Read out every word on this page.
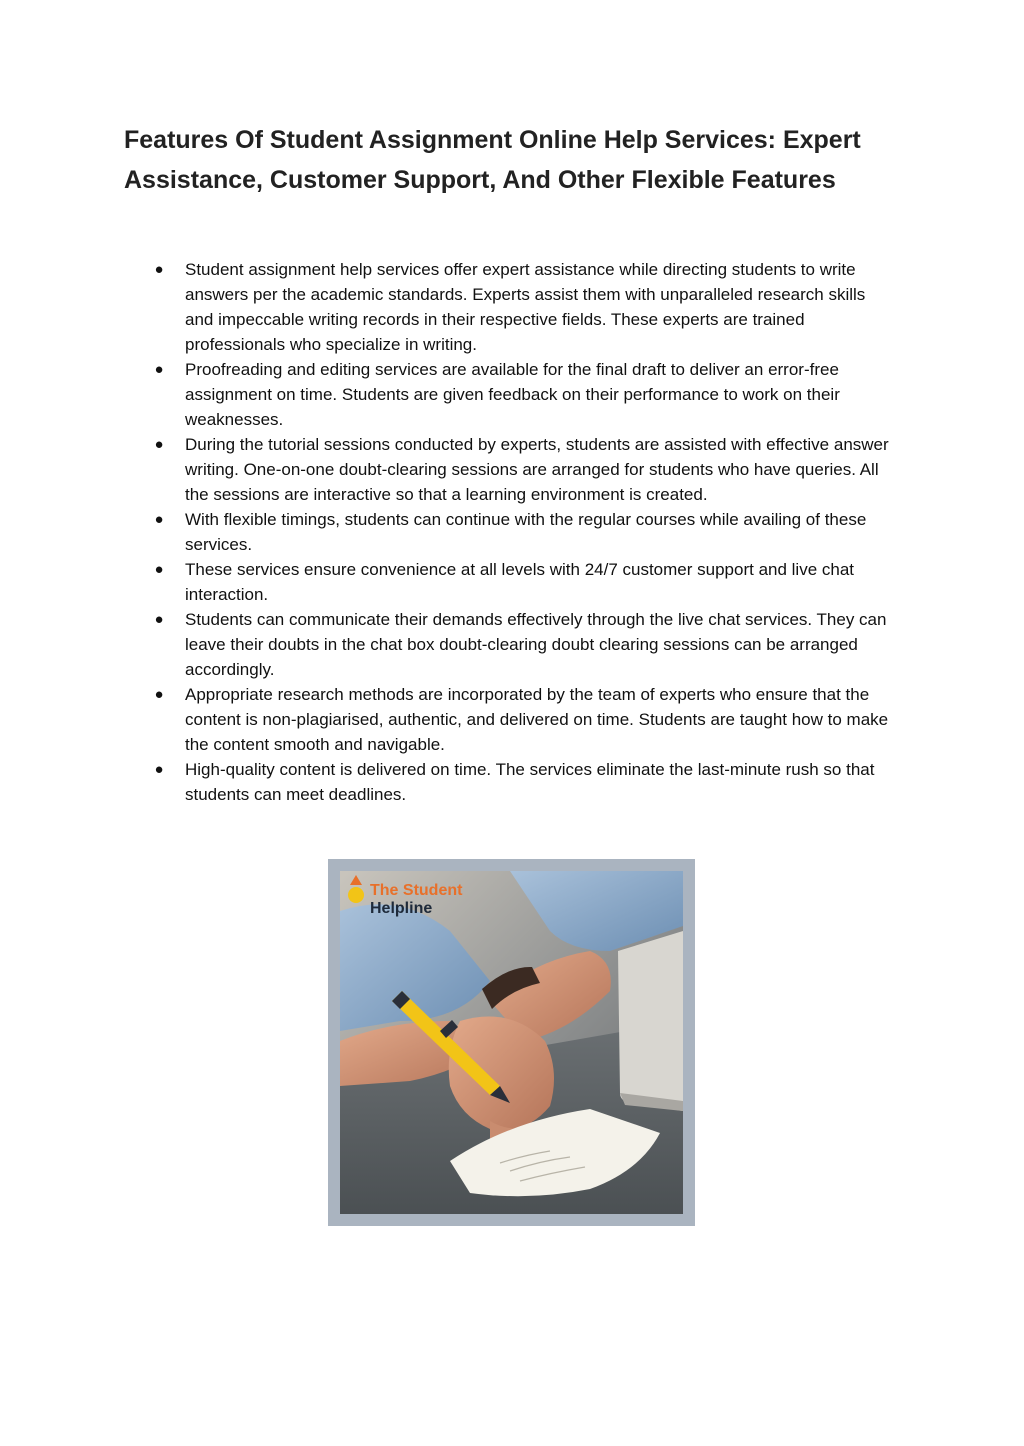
Features Of Student Assignment Online Help Services: Expert Assistance, Customer Support, And Other Flexible Features
● Student assignment help services offer expert assistance while directing students to write answers per the academic standards. Experts assist them with unparalleled research skills and impeccable writing records in their respective fields. These experts are trained professionals who specialize in writing.
● Proofreading and editing services are available for the final draft to deliver an error-free assignment on time. Students are given feedback on their performance to work on their weaknesses.
● During the tutorial sessions conducted by experts, students are assisted with effective answer writing. One-on-one doubt-clearing sessions are arranged for students who have queries. All the sessions are interactive so that a learning environment is created.
● With flexible timings, students can continue with the regular courses while availing of these services.
● These services ensure convenience at all levels with 24/7 customer support and live chat interaction.
● Students can communicate their demands effectively through the live chat services. They can leave their doubts in the chat box doubt-clearing doubt clearing sessions can be arranged accordingly.
● Appropriate research methods are incorporated by the team of experts who ensure that the content is non-plagiarised, authentic, and delivered on time. Students are taught how to make the content smooth and navigable.
● High-quality content is delivered on time. The services eliminate the last-minute rush so that students can meet deadlines.
The Student
Helpline
